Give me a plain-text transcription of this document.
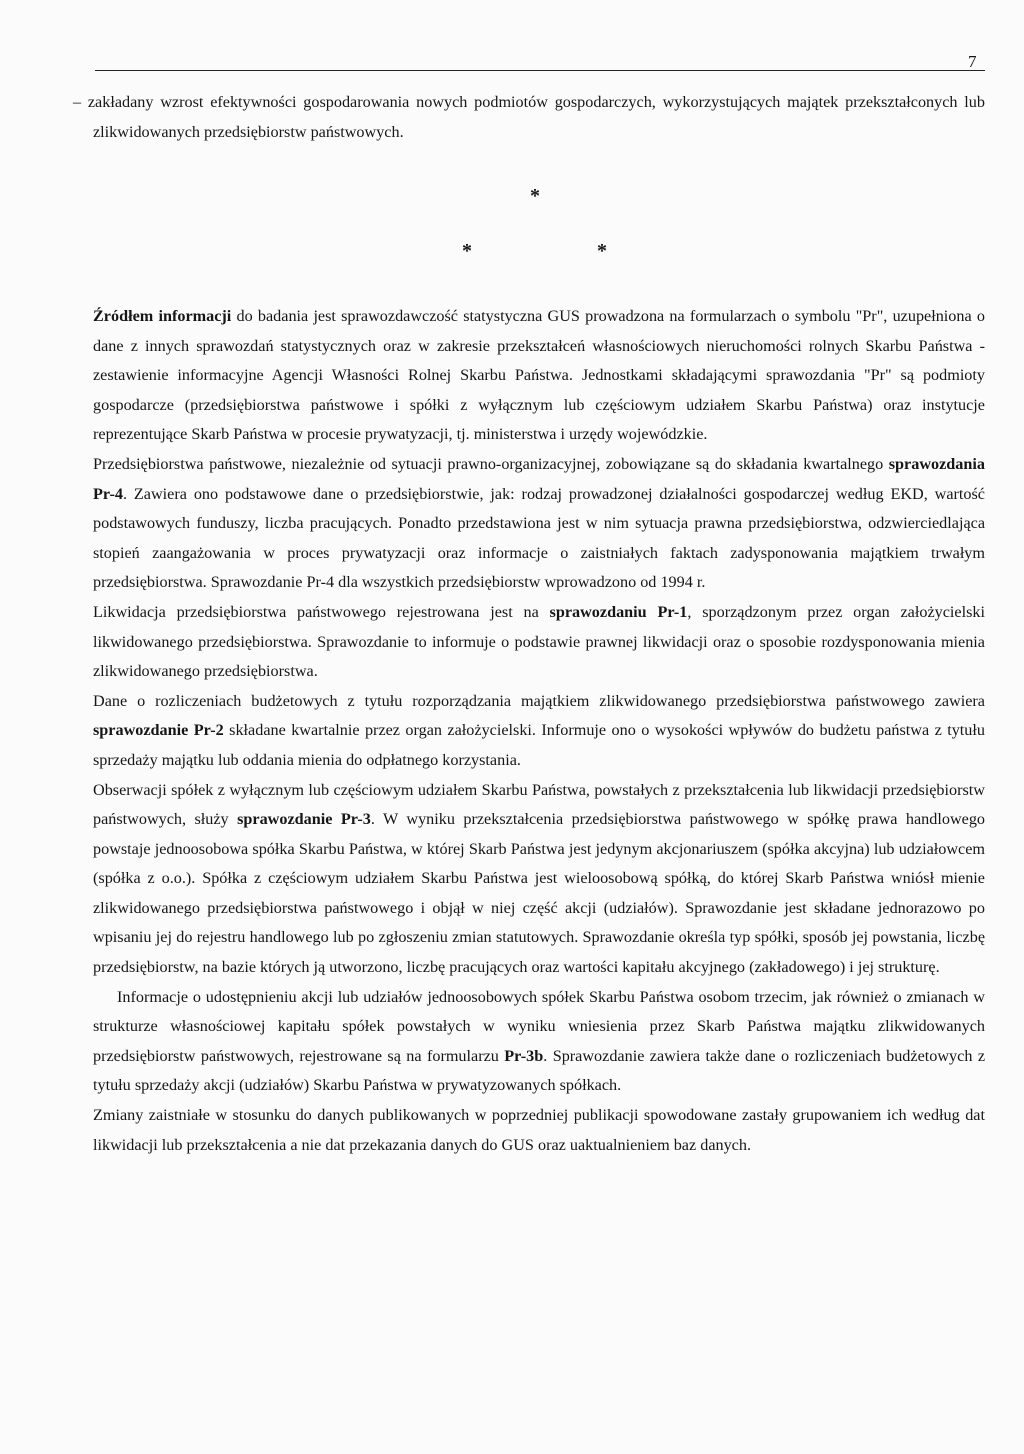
7

– zakładany wzrost efektywności gospodarowania nowych podmiotów gospodarczych, wykorzystujących majątek przekształconych lub zlikwidowanych przedsiębiorstw państwowych.

*
*	*

Źródłem informacji do badania jest sprawozdawczość statystyczna GUS prowadzona na formularzach o symbolu "Pr", uzupełniona o dane z innych sprawozdań statystycznych oraz w zakresie przekształceń własnościowych nieruchomości rolnych Skarbu Państwa - zestawienie informacyjne Agencji Własności Rolnej Skarbu Państwa. Jednostkami składającymi sprawozdania "Pr" są podmioty gospodarcze (przedsiębiorstwa państwowe i spółki z wyłącznym lub częściowym udziałem Skarbu Państwa) oraz instytucje reprezentujące Skarb Państwa w procesie prywatyzacji, tj. ministerstwa i urzędy wojewódzkie.

Przedsiębiorstwa państwowe, niezależnie od sytuacji prawno-organizacyjnej, zobowiązane są do składania kwartalnego sprawozdania Pr-4. Zawiera ono podstawowe dane o przedsiębiorstwie, jak: rodzaj prowadzonej działalności gospodarczej według EKD, wartość podstawowych funduszy, liczba pracujących. Ponadto przedstawiona jest w nim sytuacja prawna przedsiębiorstwa, odzwierciedlająca stopień zaangażowania w proces prywatyzacji oraz informacje o zaistniałych faktach zadysponowania majątkiem trwałym przedsiębiorstwa. Sprawozdanie Pr-4 dla wszystkich przedsiębiorstw wprowadzono od 1994 r.

Likwidacja przedsiębiorstwa państwowego rejestrowana jest na sprawozdaniu Pr-1, sporządzonym przez organ założycielski likwidowanego przedsiębiorstwa. Sprawozdanie to informuje o podstawie prawnej likwidacji oraz o sposobie rozdysponowania mienia zlikwidowanego przedsiębiorstwa.

Dane o rozliczeniach budżetowych z tytułu rozporządzania majątkiem zlikwidowanego przedsiębiorstwa państwowego zawiera sprawozdanie Pr-2 składane kwartalnie przez organ założycielski. Informuje ono o wysokości wpływów do budżetu państwa z tytułu sprzedaży majątku lub oddania mienia do odpłatnego korzystania.

Obserwacji spółek z wyłącznym lub częściowym udziałem Skarbu Państwa, powstałych z przekształcenia lub likwidacji przedsiębiorstw państwowych, służy sprawozdanie Pr-3. W wyniku przekształcenia przedsiębiorstwa państwowego w spółkę prawa handlowego powstaje jednoosobowa spółka Skarbu Państwa, w której Skarb Państwa jest jedynym akcjonariuszem (spółka akcyjna) lub udziałowcem (spółka z o.o.). Spółka z częściowym udziałem Skarbu Państwa jest wieloosobową spółką, do której Skarb Państwa wniósł mienie zlikwidowanego przedsiębiorstwa państwowego i objął w niej część akcji (udziałów). Sprawozdanie jest składane jednorazowo po wpisaniu jej do rejestru handlowego lub po zgłoszeniu zmian statutowych. Sprawozdanie określa typ spółki, sposób jej powstania, liczbę przedsiębiorstw, na bazie których ją utworzono, liczbę pracujących oraz wartości kapitału akcyjnego (zakładowego) i jej strukturę.

Informacje o udostępnieniu akcji lub udziałów jednoosobowych spółek Skarbu Państwa osobom trzecim, jak również o zmianach w strukturze własnościowej kapitału spółek powstałych w wyniku wniesienia przez Skarb Państwa majątku zlikwidowanych przedsiębiorstw państwowych, rejestrowane są na formularzu Pr-3b. Sprawozdanie zawiera także dane o rozliczeniach budżetowych z tytułu sprzedaży akcji (udziałów) Skarbu Państwa w prywatyzowanych spółkach.

Zmiany zaistniałe w stosunku do danych publikowanych w poprzedniej publikacji spowodowane zastały grupowaniem ich według dat likwidacji lub przekształcenia a nie dat przekazania danych do GUS oraz uaktualnieniem baz danych.
